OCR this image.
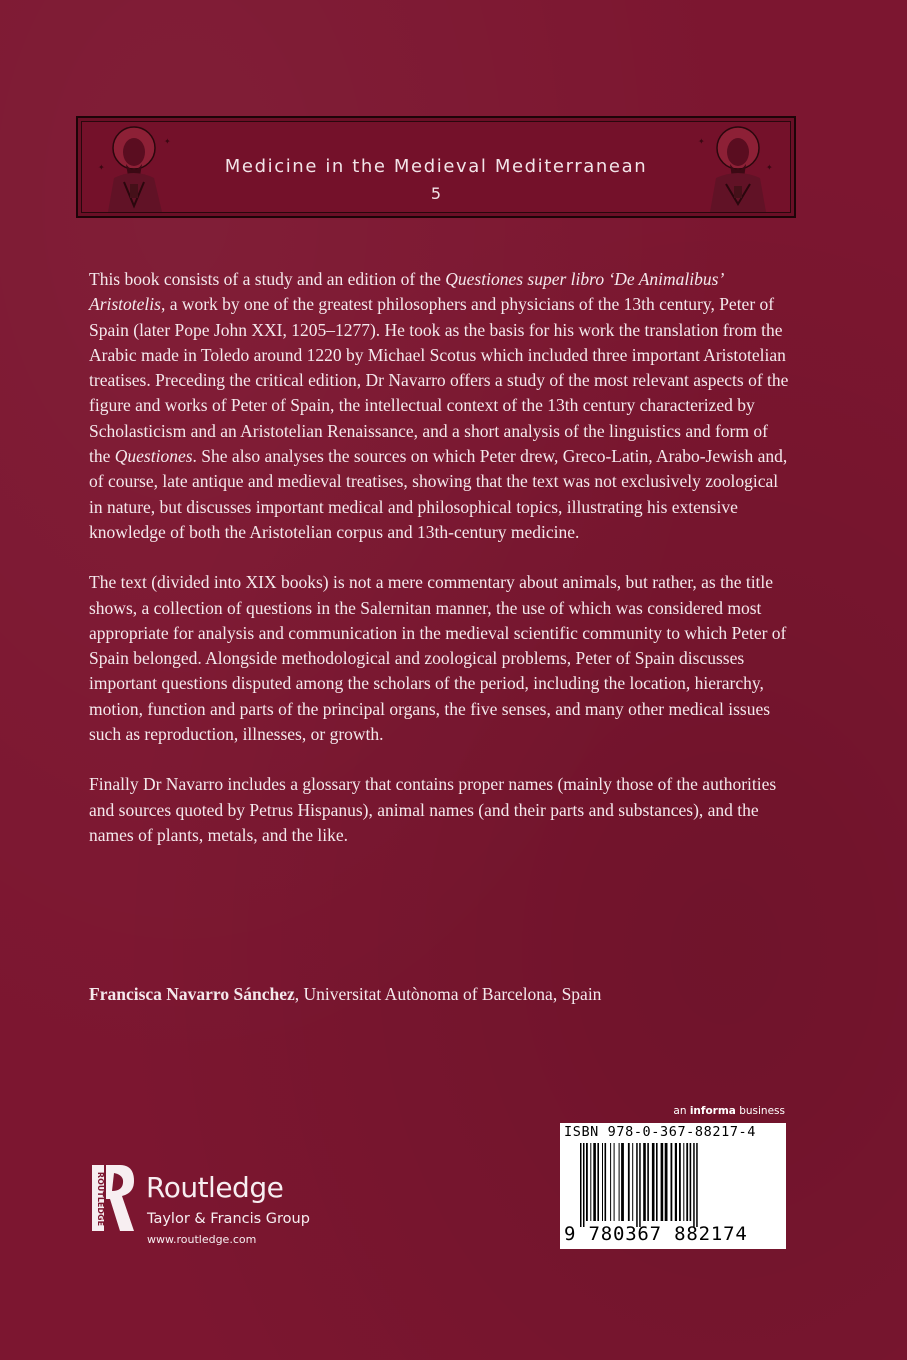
✦
✦
✦
✦
Medicine in the Medieval Mediterranean
5

This book consists of a study and an edition of the Questiones super libro ‘De Animalibus’ Aristotelis, a work by one of the greatest philosophers and physicians of the 13th century, Peter of Spain (later Pope John XXI, 1205–1277). He took as the basis for his work the translation from the Arabic made in Toledo around 1220 by Michael Scotus which included three important Aristotelian treatises. Preceding the critical edition, Dr Navarro offers a study of the most relevant aspects of the figure and works of Peter of Spain, the intellectual context of the 13th century characterized by Scholasticism and an Aristotelian Renaissance, and a short analysis of the linguistics and form of the Questiones. She also analyses the sources on which Peter drew, Greco-Latin, Arabo-Jewish and, of course, late antique and medieval treatises, showing that the text was not exclusively zoological in nature, but discusses important medical and philosophical topics, illustrating his extensive knowledge of both the Aristotelian corpus and 13th-century medicine.

The text (divided into XIX books) is not a mere commentary about animals, but rather, as the title shows, a collection of questions in the Salernitan manner, the use of which was considered most appropriate for analysis and communication in the medieval scientific community to which Peter of Spain belonged. Alongside methodological and zoological problems, Peter of Spain discusses important questions disputed among the scholars of the period, including the location, hierarchy, motion, function and parts of the principal organs, the five senses, and many other medical issues such as reproduction, illnesses, or growth.

Finally Dr Navarro includes a glossary that contains proper names (mainly those of the authorities and sources quoted by Petrus Hispanus), animal names (and their parts and substances), and the names of plants, metals, and the like.

Francisca Navarro Sánchez, Universitat Autònoma of Barcelona, Spain
an informa business
ROUTLEDGE Routledge
Taylor & Francis Group
www.routledge.com
ISBN 978-0-367-88217-4
9 780367 882174
